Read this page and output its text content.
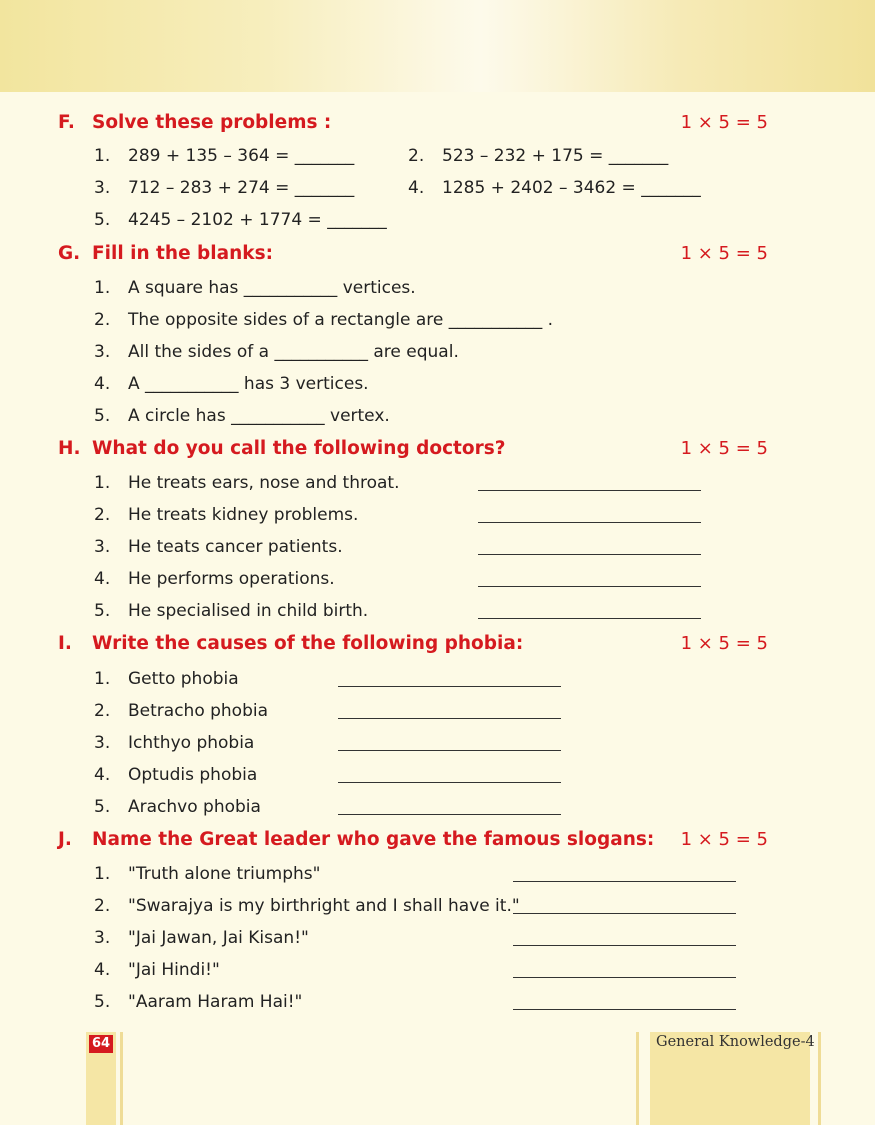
F. Solve these problems :	1 × 5 = 5
1. 289 + 135 – 364 = _______	2. 523 – 232 + 175 = _______
3. 712 – 283 + 274 = _______	4. 1285 + 2402 – 3462 = _______
5. 4245 – 2102 + 1774 = _______
G. Fill in the blanks:	1 × 5 = 5
1. A square has ___________ vertices.
2. The opposite sides of a rectangle are ___________ .
3. All the sides of a ___________ are equal.
4. A ___________ has 3 vertices.
5. A circle has ___________ vertex.
H. What do you call the following doctors?	1 × 5 = 5
1. He treats ears, nose and throat.
2. He treats kidney problems.
3. He teats cancer patients.
4. He performs operations.
5. He specialised in child birth.
I. Write the causes of the following phobia:	1 × 5 = 5
1. Getto phobia
2. Betracho phobia
3. Ichthyo phobia
4. Optudis phobia
5. Arachvo phobia
J. Name the Great leader who gave the famous slogans: 1 × 5 = 5
1. "Truth alone triumphs"
2. "Swarajya is my birthright and I shall have it."
3. "Jai Jawan, Jai Kisan!"
4. "Jai Hindi!"
5. "Aaram Haram Hai!"
64	General Knowledge-4
